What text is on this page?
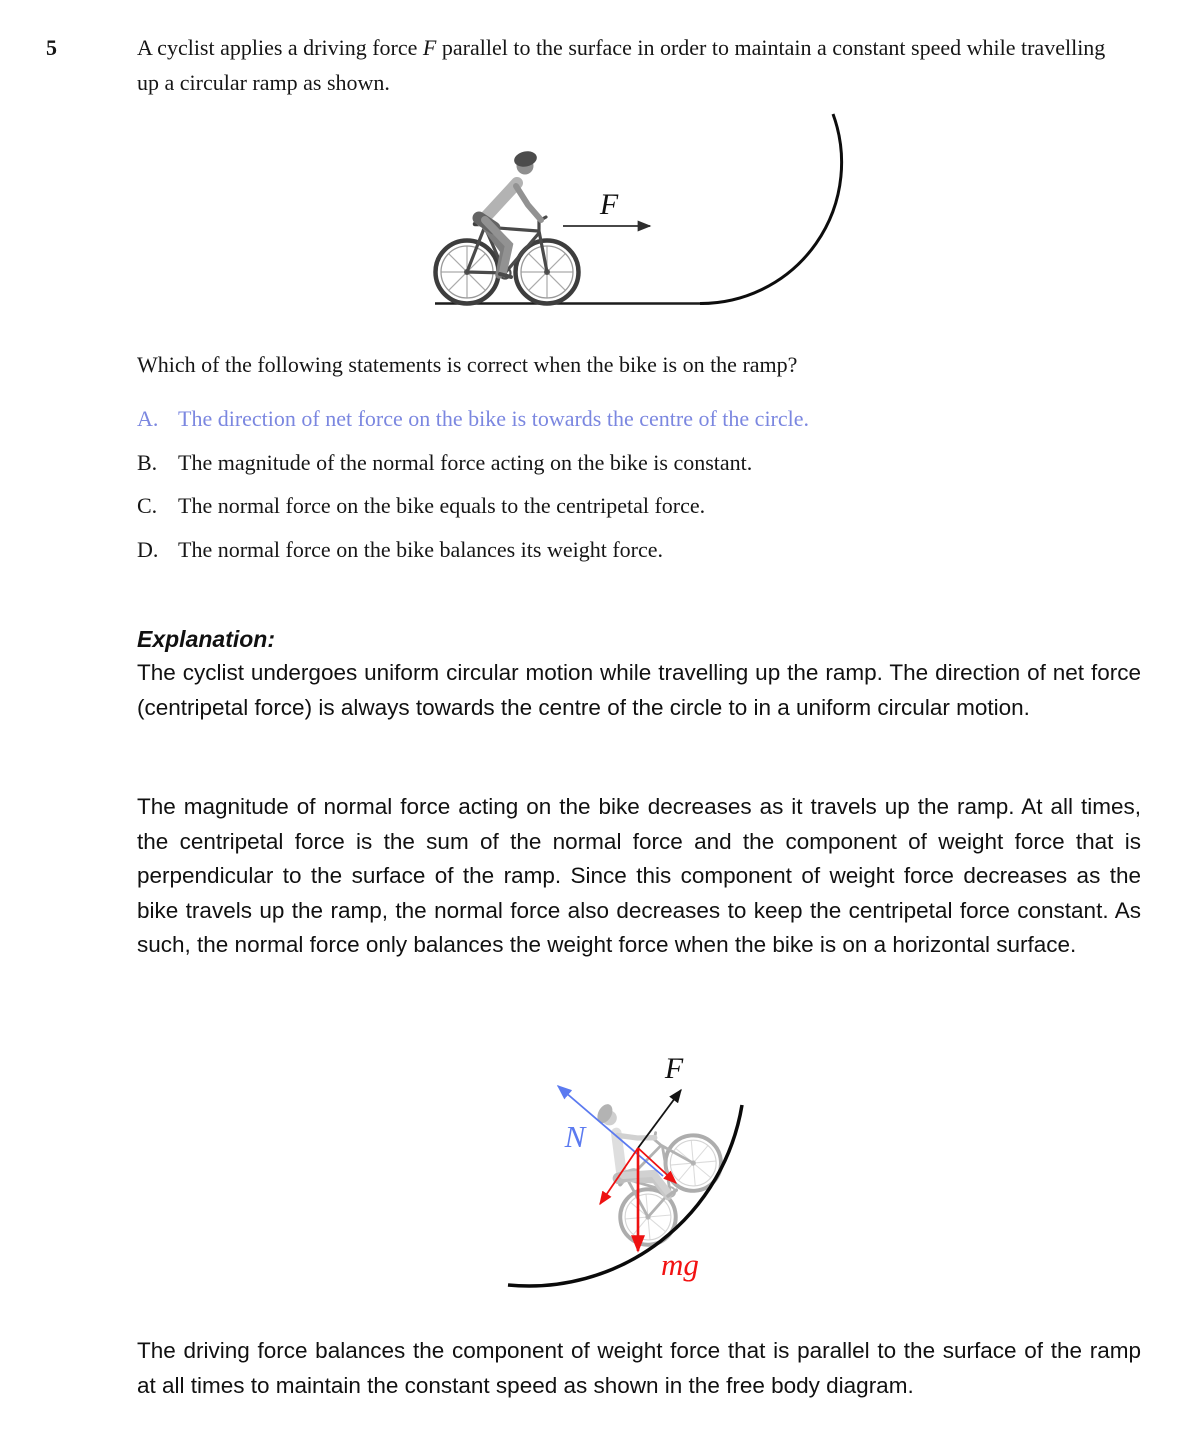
5	A cyclist applies a driving force F parallel to the surface in order to maintain a constant speed while travelling up a circular ramp as shown.
F
Which of the following statements is correct when the bike is on the ramp?
A. The direction of net force on the bike is towards the centre of the circle.
B. The magnitude of the normal force acting on the bike is constant.
C. The normal force on the bike equals to the centripetal force.
D. The normal force on the bike balances its weight force.
Explanation:

The cyclist undergoes uniform circular motion while travelling up the ramp. The direction of net force (centripetal force) is always towards the centre of the circle to in a uniform circular motion.

The magnitude of normal force acting on the bike decreases as it travels up the ramp. At all times, the centripetal force is the sum of the normal force and the component of weight force that is perpendicular to the surface of the ramp. Since this component of weight force decreases as the bike travels up the ramp, the normal force also decreases to keep the centripetal force constant. As such, the normal force only balances the weight force when the bike is on a horizontal surface.

N
F
mg

The driving force balances the component of weight force that is parallel to the surface of the ramp at all times to maintain the constant speed as shown in the free body diagram.
